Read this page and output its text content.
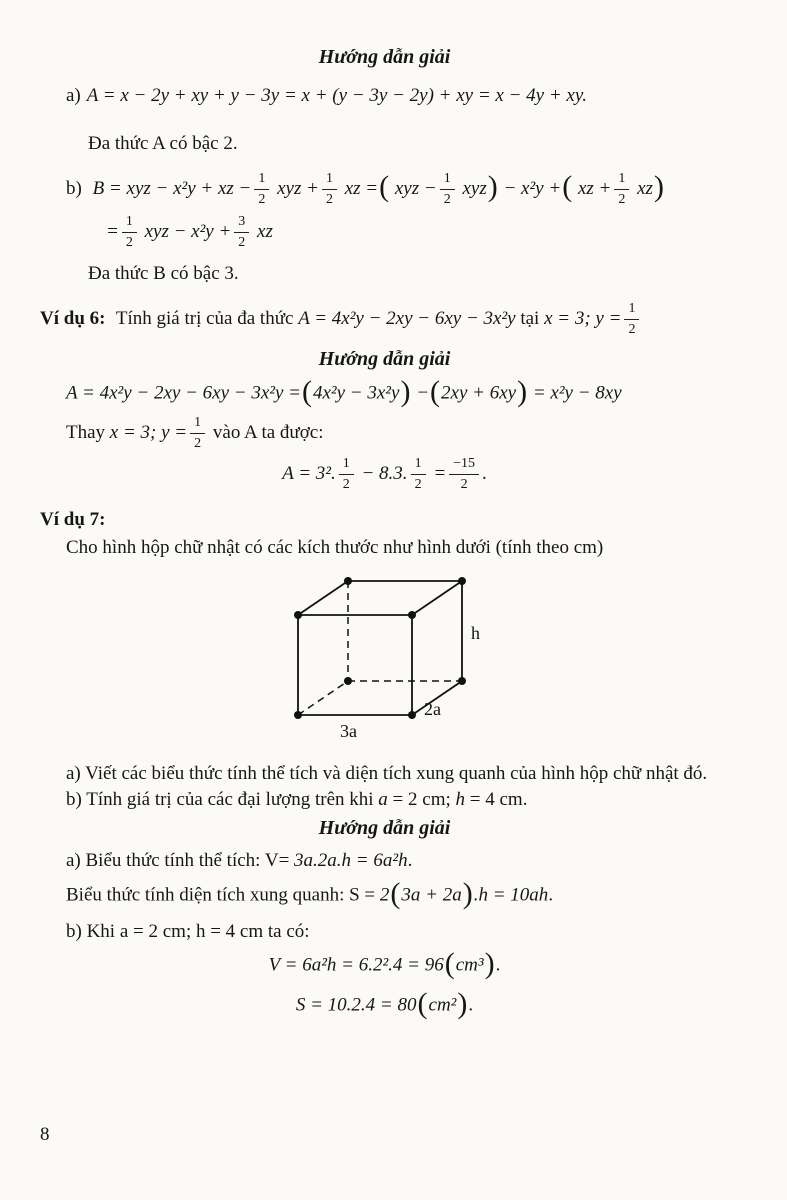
Hướng dẫn giải
a) A = x − 2y + xy + y − 3y = x + (y − 3y − 2y) + xy = x − 4y + xy.
Đa thức A có bậc 2.
b) B = xyz − x²y + xz − $\frac{1}{2}$ xyz + $\frac{1}{2}$ xz =( xyz − $\frac{1}{2} xyz) - x^2y$ +( xz + $\frac{1}{2} xz$)
= $\frac{1}{2}$ xyz − $x^2y + \frac{3}{2}$ xz
Đa thức B có bậc 3.
Ví dụ 6: Tính giá trị của đa thức A = 4x²y − 2xy − 6xy − 3x²y tại x = 3; $y = \frac{1}{2}$
Hướng dẫn giải
A = 4x²y − 2xy − 6xy − 3x²y =(4x²y − 3x²y) −(2xy + 6xy) = x²y − 8xy
Thay x = 3; $y = \frac{1}{2}$ vào A ta được:
A = 3². $\frac{1}{2} - 8.3$. $\frac{1}{2} = \frac{-15}{2}$ .
Ví dụ 7:
Cho hình hộp chữ nhật có các kích thước như hình dưới (tính theo cm)
h
2a
3a
a) Viết các biểu thức tính thể tích và diện tích xung quanh của hình hộp chữ nhật đó.
b) Tính giá trị của các đại lượng trên khi a = 2 cm; h = 4 cm.
Hướng dẫn giải
a) Biểu thức tính thể tích: V= 3a.2a.h = 6a²h.
Biểu thức tính diện tích xung quanh: S = 2(3a + 2a).h = 10ah.
b) Khi a = 2 cm; h = 4 cm ta có:
V = 6a²h = 6.2².4 = 96(cm³).
S = 10.2.4 = 80(cm²).
8
